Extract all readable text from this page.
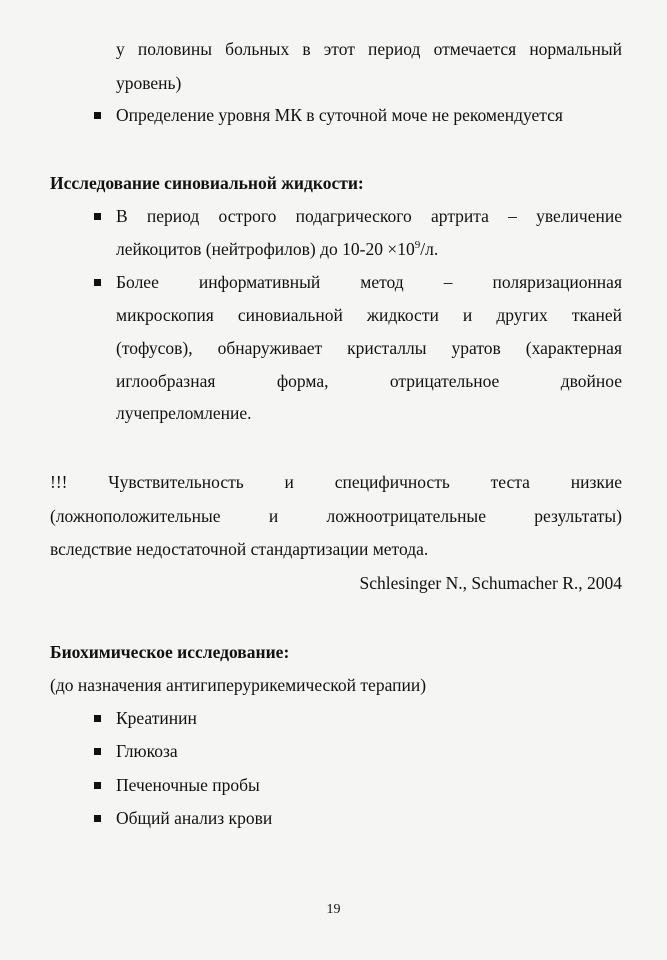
у половины больных в этот период отмечается нормальный
уровень)
Определение уровня МК в суточной моче не рекомендуется
Исследование синовиальной жидкости:
В период острого подагрического артрита – увеличение
лейкоцитов (нейтрофилов) до $10-20 \times 10^9/л$.
Более информативный метод – поляризационная
микроскопия синовиальной жидкости и других тканей
(тофусов), обнаруживает кристаллы уратов (характерная
иглообразная форма, отрицательное двойное
лучепреломление.
!!! Чувствительность и специфичность теста низкие
(ложноположительные и ложноотрицательные результаты)
вследствие недостаточной стандартизации метода.
Schlesinger N., Schumacher R., 2004
Биохимическое исследование:
(до назначения антигиперурикемической терапии)
Креатинин
Глюкоза
Печеночные пробы
Общий анализ крови
19
